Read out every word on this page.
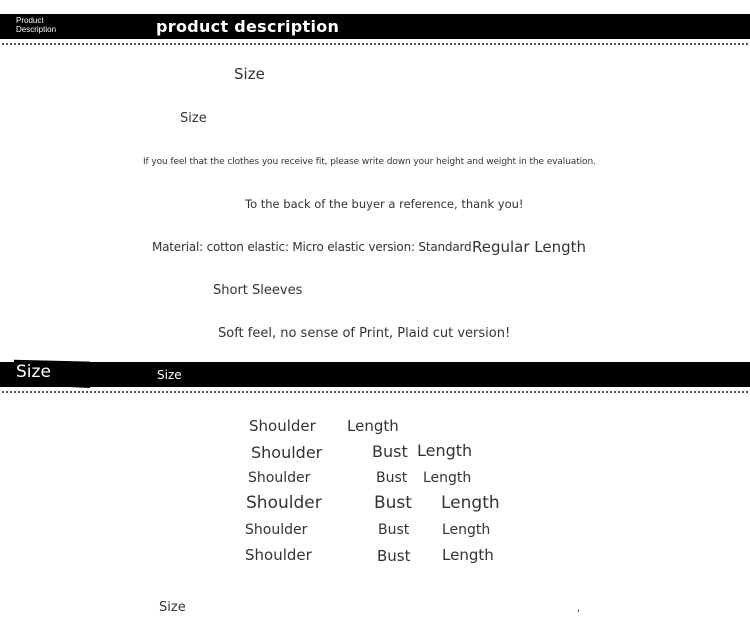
Product
Description	product description
Size
Size
If you feel that the clothes you receive fit, please write down your height and weight in the evaluation.
To the back of the buyer a reference, thank you!
Material: cotton elastic: Micro elastic version: Standard Regular Length
Short Sleeves
Soft feel, no sense of Print, Plaid cut version!
Size	Size
Shoulder Length
Shoulder	Bust Length
Shoulder	Bust Length
Shoulder	Bust Length
Shoulder	Bust Length
Shoulder	Bust Length
Size	,
